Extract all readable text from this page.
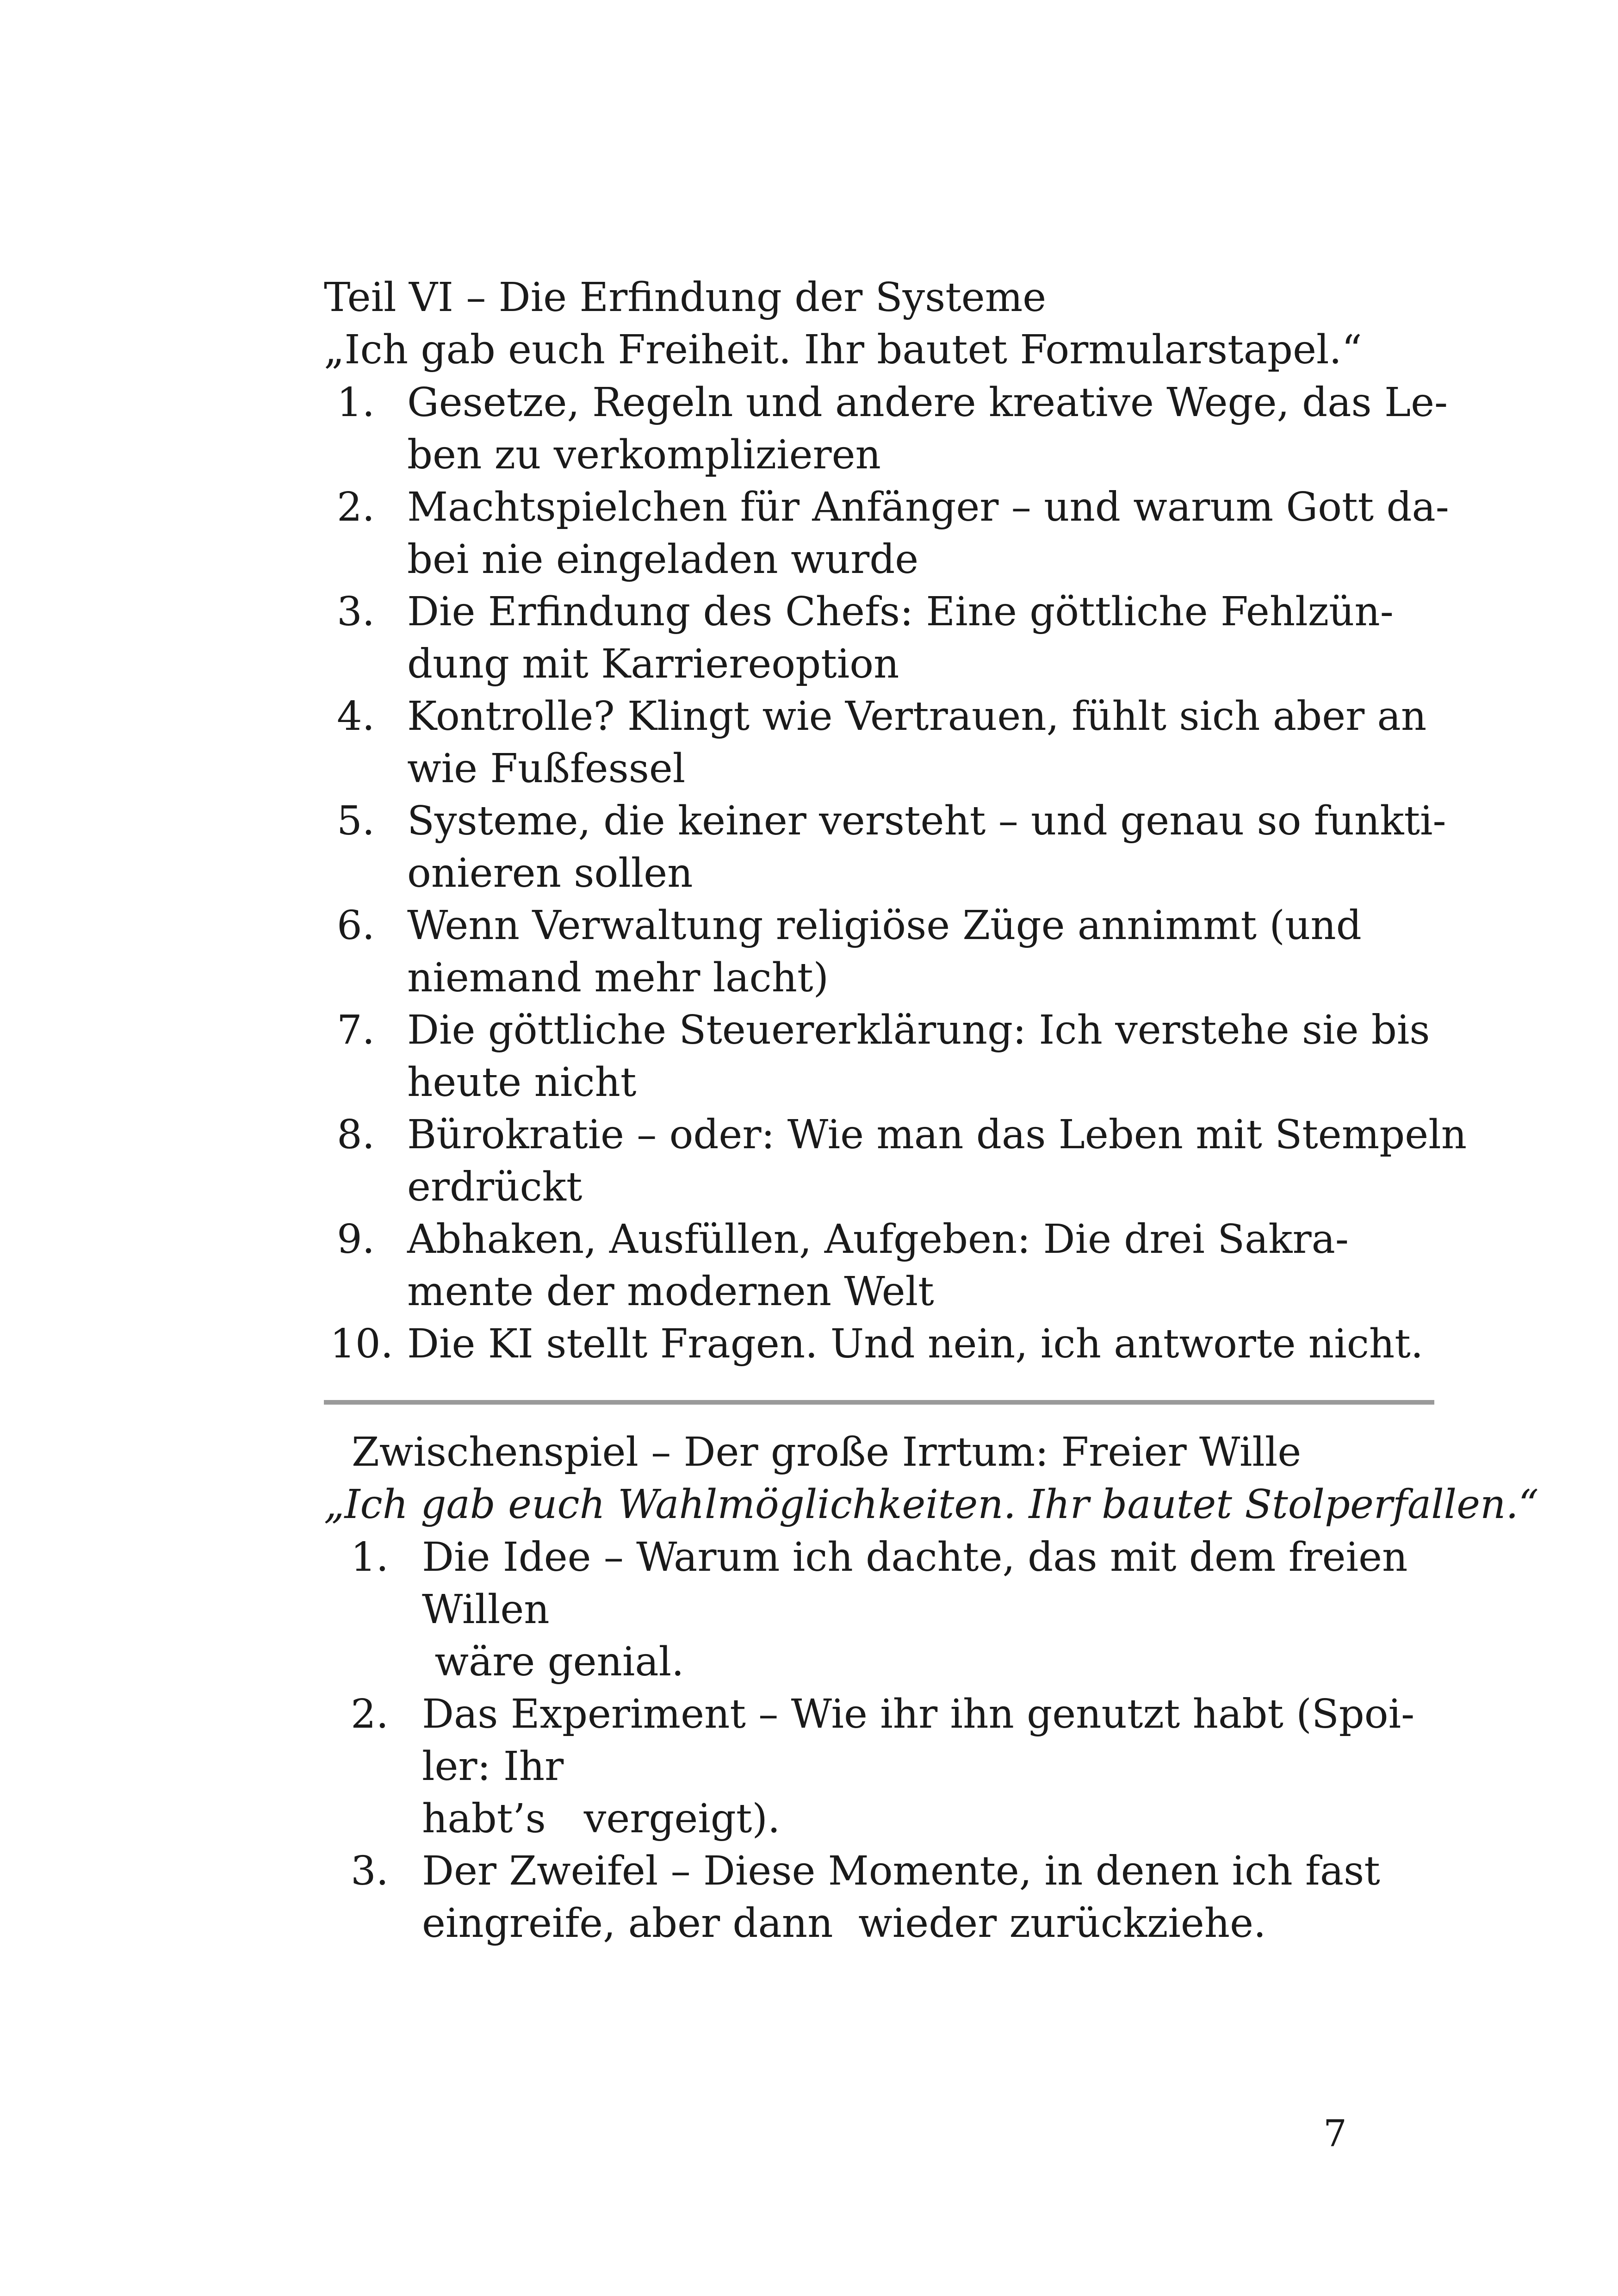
Teil VI – Die Erfindung der Systeme
„Ich gab euch Freiheit. Ihr bautet Formularstapel.“
1. Gesetze, Regeln und andere kreative Wege, das Le-
ben zu verkomplizieren
2. Machtspielchen für Anfänger – und warum Gott da-
bei nie eingeladen wurde
3. Die Erfindung des Chefs: Eine göttliche Fehlzün-
dung mit Karriereoption
4. Kontrolle? Klingt wie Vertrauen, fühlt sich aber an
wie Fußfessel
5. Systeme, die keiner versteht – und genau so funkti-
onieren sollen
6. Wenn Verwaltung religiöse Züge annimmt (und
niemand mehr lacht)
7. Die göttliche Steuererklärung: Ich verstehe sie bis
heute nicht
8. Bürokratie – oder: Wie man das Leben mit Stempeln
erdrückt
9. Abhaken, Ausfüllen, Aufgeben: Die drei Sakra-
mente der modernen Welt
10. Die KI stellt Fragen. Und nein, ich antworte nicht.
Zwischenspiel – Der große Irrtum: Freier Wille
„Ich gab euch Wahlmöglichkeiten. Ihr bautet Stolperfallen.“
1. Die Idee – Warum ich dachte, das mit dem freien
Willen
wäre genial.
2. Das Experiment – Wie ihr ihn genutzt habt (Spoi-
ler: Ihr
habt’s   vergeigt).
3. Der Zweifel – Diese Momente, in denen ich fast
eingreife, aber dann  wieder zurückziehe.
7
